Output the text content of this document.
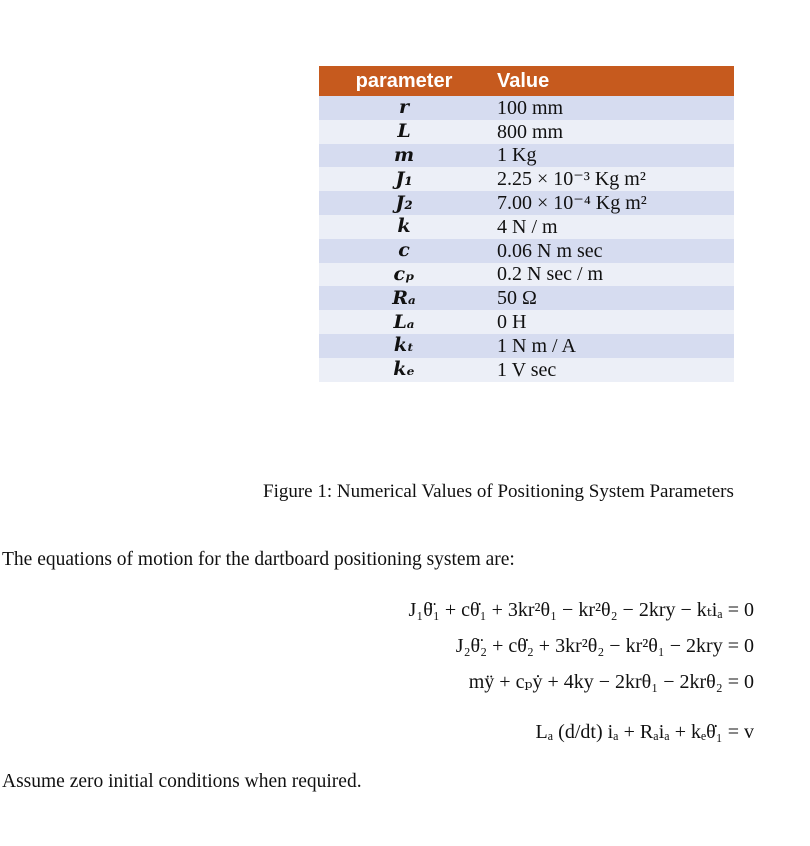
parameter	Value
r	100 mm
L	800 mm
m	1 Kg
J₁	2.25 × 10⁻³ Kg m²
J₂	7.00 × 10⁻⁴ Kg m²
k	4 N / m
c	0.06 N m sec
cₚ	0.2 N sec / m
Rₐ	50 Ω
Lₐ	0 H
kₜ	1 N m / A
kₑ	1 V sec
Figure 1: Numerical Values of Positioning System Parameters
The equations of motion for the dartboard positioning system are:
J₁θ̈₁ + cθ̇₁ + 3kr²θ₁ − kr²θ₂ − 2kry − kₜiₐ = 0
J₂θ̈₂ + cθ̇₂ + 3kr²θ₂ − kr²θ₁ − 2kry = 0
mÿ + cₚẏ + 4ky − 2krθ₁ − 2krθ₂ = 0
Lₐ (d/dt) iₐ + Rₐiₐ + kₑθ̇₁ = v
Assume zero initial conditions when required.
